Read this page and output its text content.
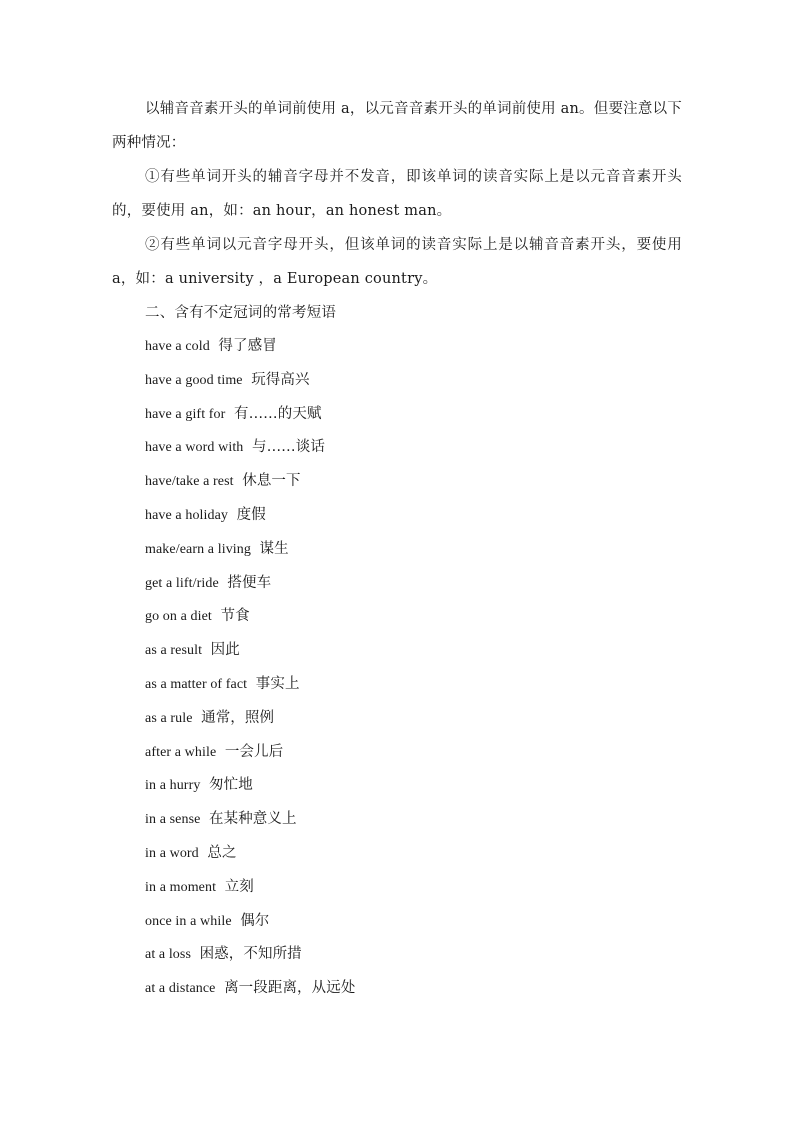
以辅音音素开头的单词前使用 a，以元音音素开头的单词前使用 an。但要注意以下两种情况：

①有些单词开头的辅音字母并不发音，即该单词的读音实际上是以元音音素开头的，要使用 an，如：an hour，an honest man。

②有些单词以元音字母开头，但该单词的读音实际上是以辅音音素开头，要使用 a，如：a university ，a European country。

二、含有不定冠词的常考短语
have a cold 得了感冒
have a good time 玩得高兴
have a gift for 有……的天赋
have a word with 与……谈话
have/take a rest 休息一下
have a holiday 度假
make/earn a living 谋生
get a lift/ride 搭便车
go on a diet 节食
as a result 因此
as a matter of fact 事实上
as a rule 通常，照例
after a while 一会儿后
in a hurry 匆忙地
in a sense 在某种意义上
in a word 总之
in a moment 立刻
once in a while 偶尔
at a loss 困惑，不知所措
at a distance 离一段距离，从远处
